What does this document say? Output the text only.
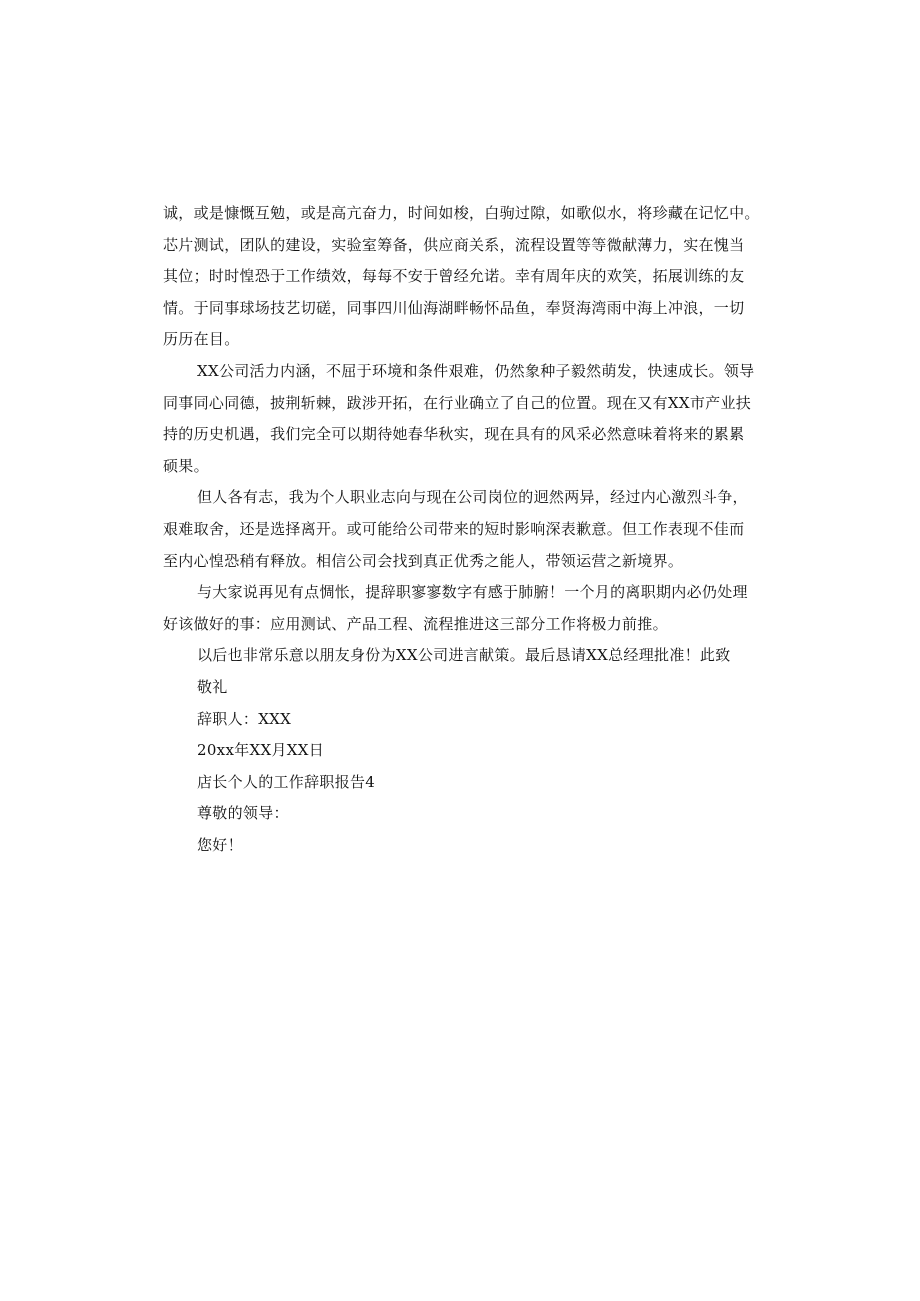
诚，或是慷慨互勉，或是高亢奋力，时间如梭，白驹过隙，如歌似水，将珍藏在记忆中。
芯片测试，团队的建设，实验室筹备，供应商关系，流程设置等等微献薄力，实在愧当
其位；时时惶恐于工作绩效，每每不安于曾经允诺。幸有周年庆的欢笑，拓展训练的友
情。于同事球场技艺切磋，同事四川仙海湖畔畅怀品鱼，奉贤海湾雨中海上冲浪，一切
历历在目。
XX公司活力内涵，不屈于环境和条件艰难，仍然象种子毅然萌发，快速成长。领导
同事同心同德，披荆斩棘，跋涉开拓，在行业确立了自己的位置。现在又有XX市产业扶
持的历史机遇，我们完全可以期待她春华秋实，现在具有的风采必然意味着将来的累累
硕果。
但人各有志，我为个人职业志向与现在公司岗位的迥然两异，经过内心激烈斗争，
艰难取舍，还是选择离开。或可能给公司带来的短时影响深表歉意。但工作表现不佳而
至内心惶恐稍有释放。相信公司会找到真正优秀之能人，带领运营之新境界。
与大家说再见有点惆怅，提辞职寥寥数字有感于肺腑！一个月的离职期内必仍处理
好该做好的事：应用测试、产品工程、流程推进这三部分工作将极力前推。
以后也非常乐意以朋友身份为XX公司进言献策。最后恳请XX总经理批准！此致
敬礼
辞职人：XXX
20xx年XX月XX日
店长个人的工作辞职报告4
尊敬的领导：
您好！
